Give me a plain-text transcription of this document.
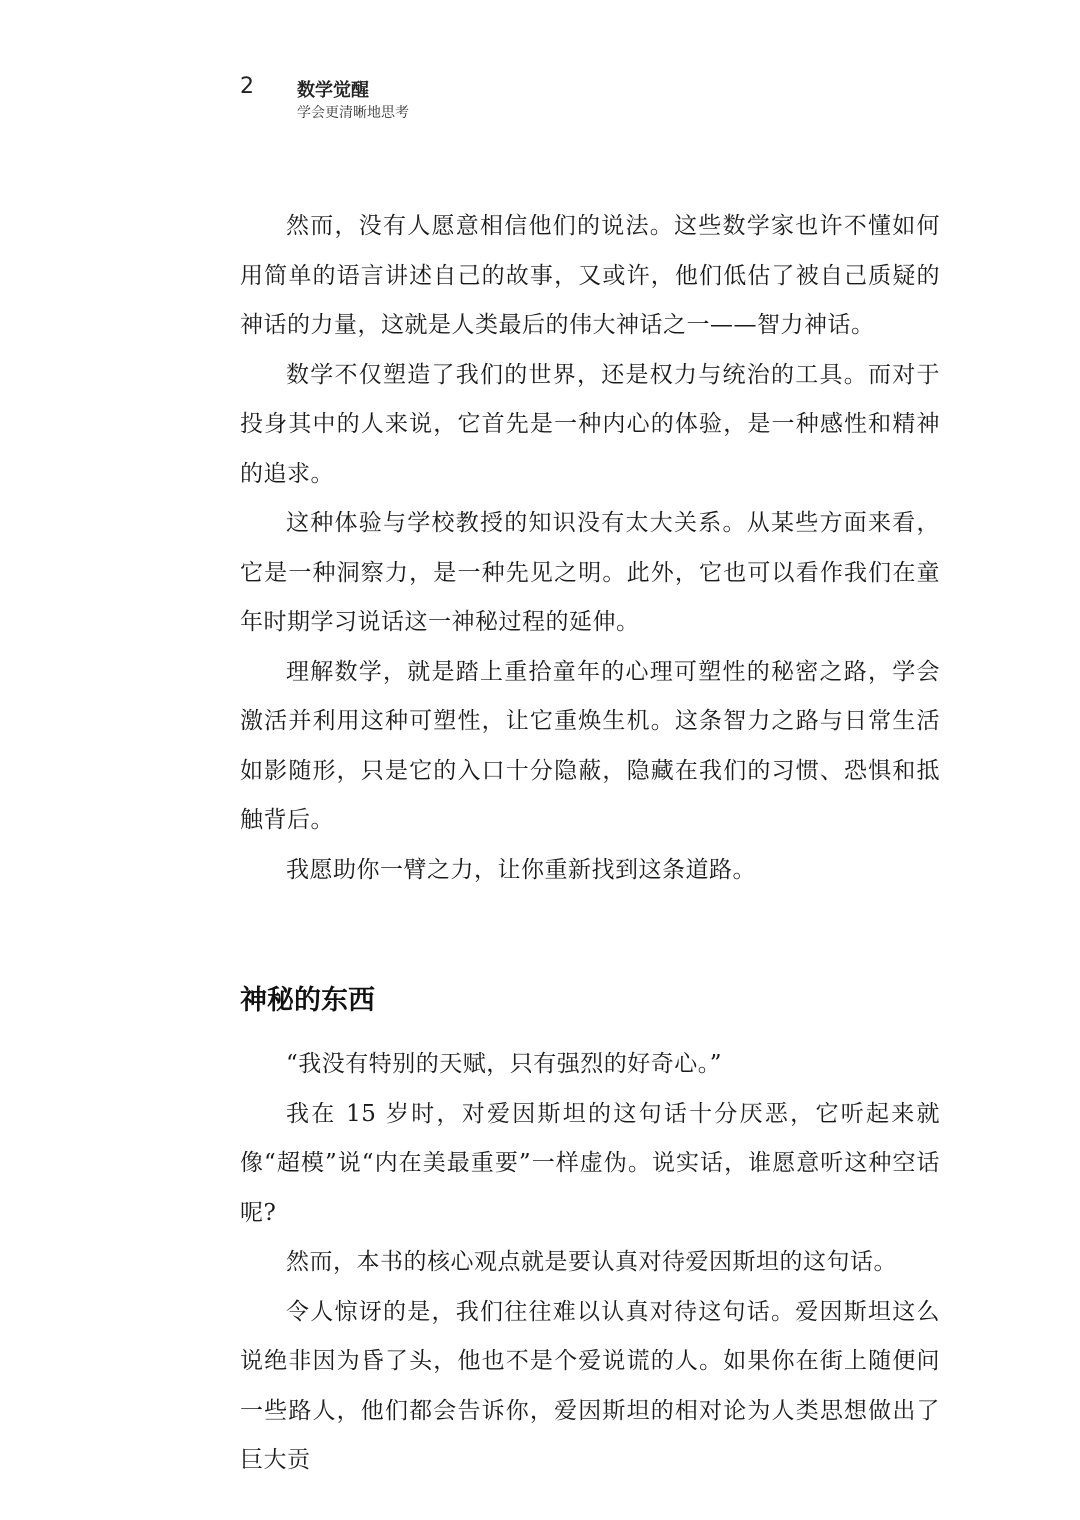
2 数学觉醒
学会更清晰地思考

然而，没有人愿意相信他们的说法。这些数学家也许不懂如何用简单的语言讲述自己的故事，又或许，他们低估了被自己质疑的神话的力量，这就是人类最后的伟大神话之一——智力神话。

数学不仅塑造了我们的世界，还是权力与统治的工具。而对于投身其中的人来说，它首先是一种内心的体验，是一种感性和精神的追求。

这种体验与学校教授的知识没有太大关系。从某些方面来看，它是一种洞察力，是一种先见之明。此外，它也可以看作我们在童年时期学习说话这一神秘过程的延伸。

理解数学，就是踏上重拾童年的心理可塑性的秘密之路，学会激活并利用这种可塑性，让它重焕生机。这条智力之路与日常生活如影随形，只是它的入口十分隐蔽，隐藏在我们的习惯、恐惧和抵触背后。

我愿助你一臂之力，让你重新找到这条道路。

神秘的东西

“我没有特别的天赋，只有强烈的好奇心。”

我在 15 岁时，对爱因斯坦的这句话十分厌恶，它听起来就像“超模”说“内在美最重要”一样虚伪。说实话，谁愿意听这种空话呢?

然而，本书的核心观点就是要认真对待爱因斯坦的这句话。

令人惊讶的是，我们往往难以认真对待这句话。爱因斯坦这么说绝非因为昏了头，他也不是个爱说谎的人。如果你在街上随便问一些路人，他们都会告诉你，爱因斯坦的相对论为人类思想做出了巨大贡
